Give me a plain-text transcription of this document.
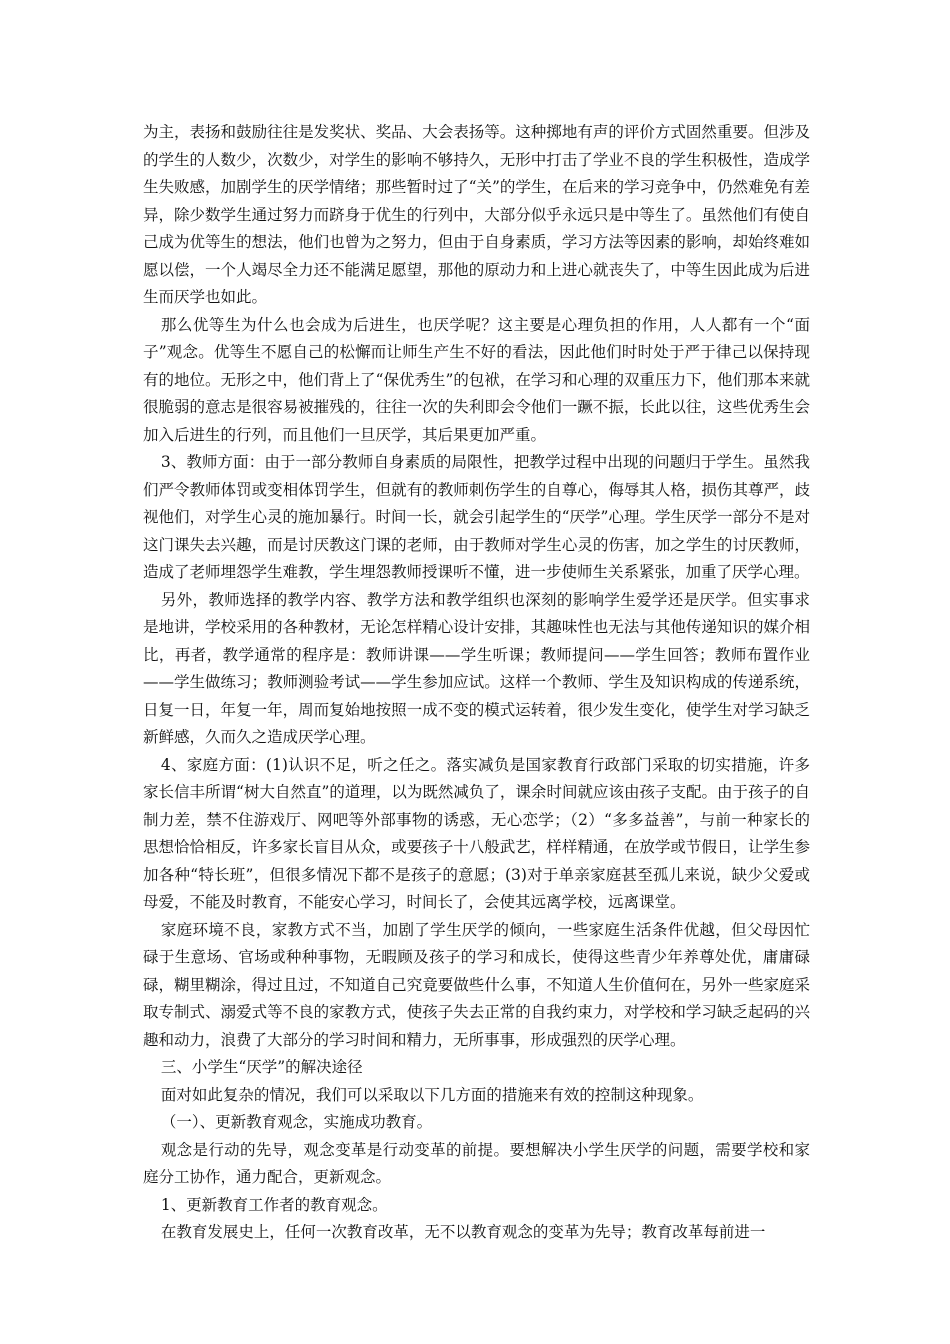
为主，表扬和鼓励往往是发奖状、奖品、大会表扬等。这种掷地有声的评价方式固然重要。但涉及的学生的人数少，次数少，对学生的影响不够持久，无形中打击了学业不良的学生积极性，造成学生失败感，加剧学生的厌学情绪；那些暂时过了“关”的学生，在后来的学习竞争中，仍然难免有差异，除少数学生通过努力而跻身于优生的行列中，大部分似乎永远只是中等生了。虽然他们有使自己成为优等生的想法，他们也曾为之努力，但由于自身素质，学习方法等因素的影响，却始终难如愿以偿，一个人竭尽全力还不能满足愿望，那他的原动力和上进心就丧失了，中等生因此成为后进生而厌学也如此。

那么优等生为什么也会成为后进生，也厌学呢？这主要是心理负担的作用，人人都有一个“面子”观念。优等生不愿自己的松懈而让师生产生不好的看法，因此他们时时处于严于律己以保持现有的地位。无形之中，他们背上了“保优秀生”的包袱，在学习和心理的双重压力下，他们那本来就很脆弱的意志是很容易被摧残的，往往一次的失利即会令他们一蹶不振，长此以往，这些优秀生会加入后进生的行列，而且他们一旦厌学，其后果更加严重。

3、教师方面：由于一部分教师自身素质的局限性，把教学过程中出现的问题归于学生。虽然我们严令教师体罚或变相体罚学生，但就有的教师刺伤学生的自尊心，侮辱其人格，损伤其尊严，歧视他们，对学生心灵的施加暴行。时间一长，就会引起学生的“厌学”心理。学生厌学一部分不是对这门课失去兴趣，而是讨厌教这门课的老师，由于教师对学生心灵的伤害，加之学生的讨厌教师，造成了老师埋怨学生难教，学生埋怨教师授课听不懂，进一步使师生关系紧张，加重了厌学心理。

另外，教师选择的教学内容、教学方法和教学组织也深刻的影响学生爱学还是厌学。但实事求是地讲，学校采用的各种教材，无论怎样精心设计安排，其趣味性也无法与其他传递知识的媒介相比，再者，教学通常的程序是：教师讲课——学生听课；教师提问——学生回答；教师布置作业——学生做练习；教师测验考试——学生参加应试。这样一个教师、学生及知识构成的传递系统，日复一日，年复一年，周而复始地按照一成不变的模式运转着，很少发生变化，使学生对学习缺乏新鲜感，久而久之造成厌学心理。

4、家庭方面：(1)认识不足，听之任之。落实减负是国家教育行政部门采取的切实措施，许多家长信丰所谓“树大自然直”的道理，以为既然减负了，课余时间就应该由孩子支配。由于孩子的自制力差，禁不住游戏厅、网吧等外部事物的诱惑，无心恋学；（2）“多多益善”，与前一种家长的思想恰恰相反，许多家长盲目从众，或要孩子十八般武艺，样样精通，在放学或节假日，让学生参加各种“特长班”，但很多情况下都不是孩子的意愿；(3)对于单亲家庭甚至孤儿来说，缺少父爱或母爱，不能及时教育，不能安心学习，时间长了，会使其远离学校，远离课堂。

家庭环境不良，家教方式不当，加剧了学生厌学的倾向，一些家庭生活条件优越，但父母因忙碌于生意场、官场或种种事物，无暇顾及孩子的学习和成长，使得这些青少年养尊处优，庸庸碌碌，糊里糊涂，得过且过，不知道自己究竟要做些什么事，不知道人生价值何在，另外一些家庭采取专制式、溺爱式等不良的家教方式，使孩子失去正常的自我约束力，对学校和学习缺乏起码的兴趣和动力，浪费了大部分的学习时间和精力，无所事事，形成强烈的厌学心理。

三、小学生“厌学”的解决途径

面对如此复杂的情况，我们可以采取以下几方面的措施来有效的控制这种现象。

（一）、更新教育观念，实施成功教育。

观念是行动的先导，观念变革是行动变革的前提。要想解决小学生厌学的问题，需要学校和家庭分工协作，通力配合，更新观念。

1、更新教育工作者的教育观念。

在教育发展史上，任何一次教育改革，无不以教育观念的变革为先导；教育改革每前进一
